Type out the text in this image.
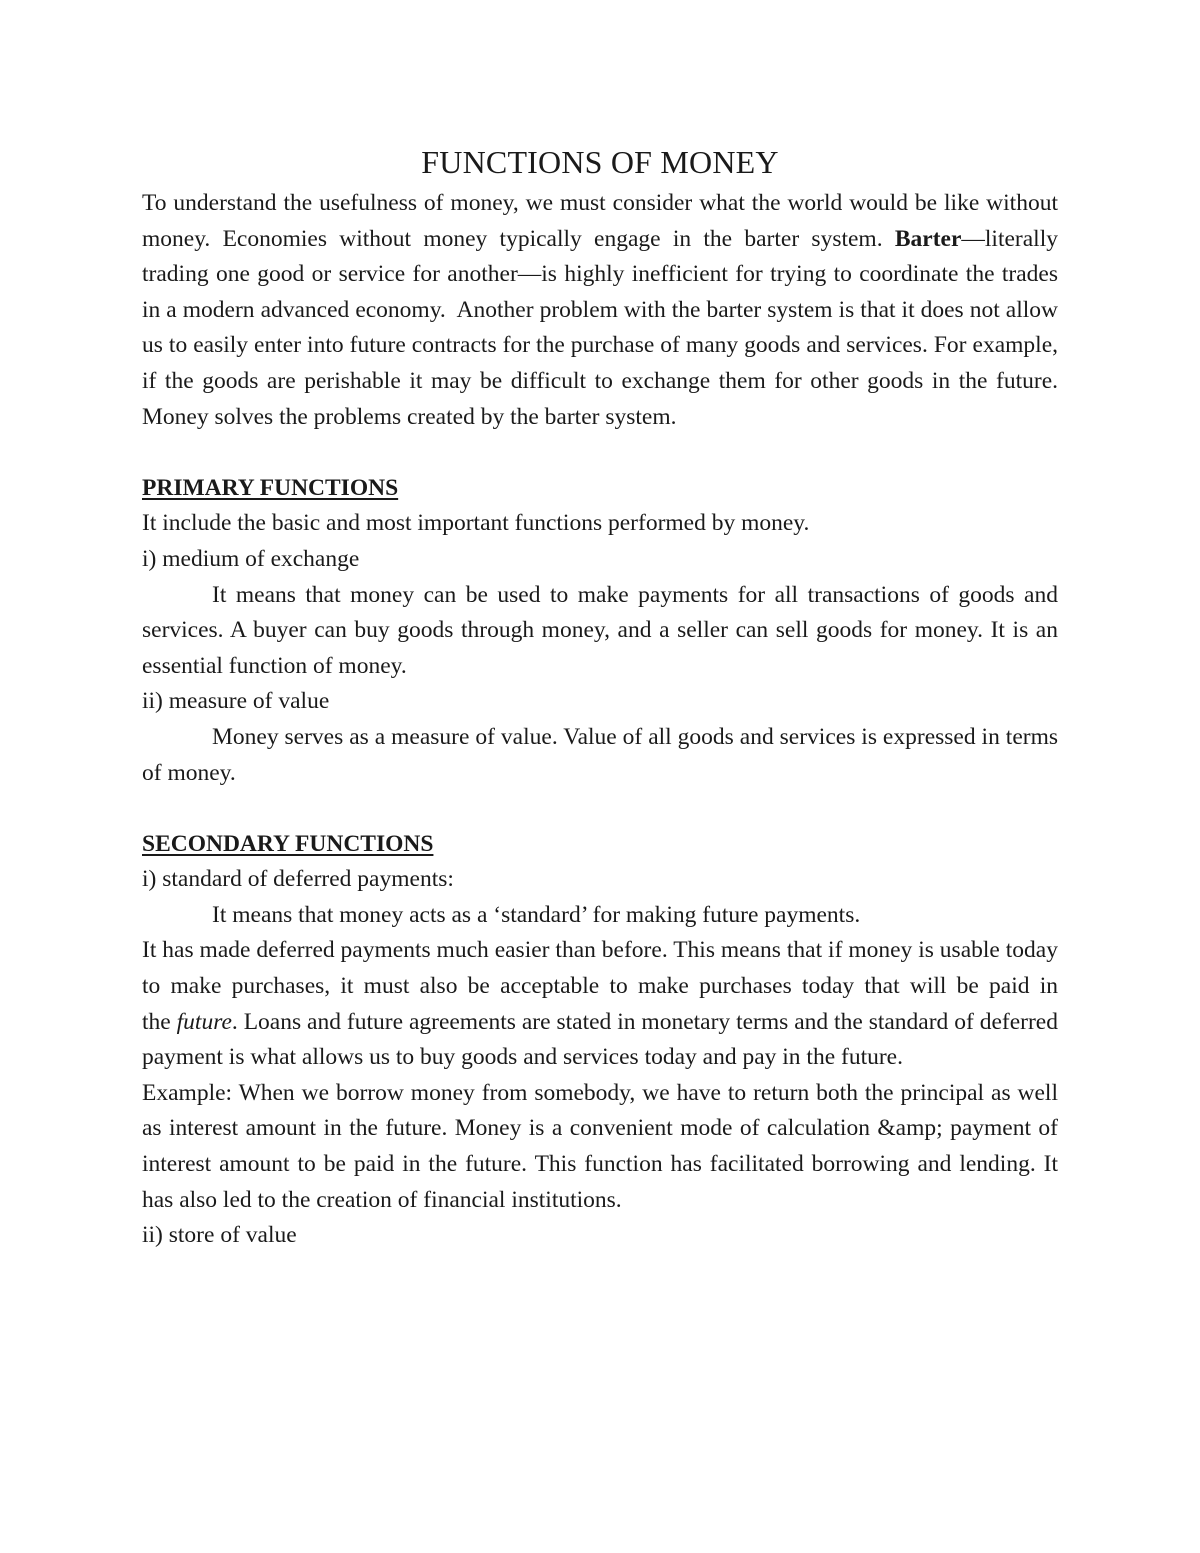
FUNCTIONS OF MONEY

To understand the usefulness of money, we must consider what the world would be like without money. Economies without money typically engage in the barter system. Barter—literally trading one good or service for another—is highly inefficient for trying to coordinate the trades in a modern advanced economy.  Another problem with the barter system is that it does not allow us to easily enter into future contracts for the purchase of many goods and services. For example, if the goods are perishable it may be difficult to exchange them for other goods in the future. Money solves the problems created by the barter system.

PRIMARY FUNCTIONS

It include the basic and most important functions performed by money.

i) medium of exchange

It means that money can be used to make payments for all transactions of goods and services. A buyer can buy goods through money, and a seller can sell goods for money. It is an essential function of money.

ii) measure of value

Money serves as a measure of value. Value of all goods and services is expressed in terms of money.

SECONDARY FUNCTIONS

i) standard of deferred payments:

It means that money acts as a ‘standard’ for making future payments.

It has made deferred payments much easier than before. This means that if money is usable today to make purchases, it must also be acceptable to make purchases today that will be paid in the future. Loans and future agreements are stated in monetary terms and the standard of deferred payment is what allows us to buy goods and services today and pay in the future.

Example: When we borrow money from somebody, we have to return both the principal as well as interest amount in the future. Money is a convenient mode of calculation &amp; payment of interest amount to be paid in the future. This function has facilitated borrowing and lending. It has also led to the creation of financial institutions.

ii) store of value
